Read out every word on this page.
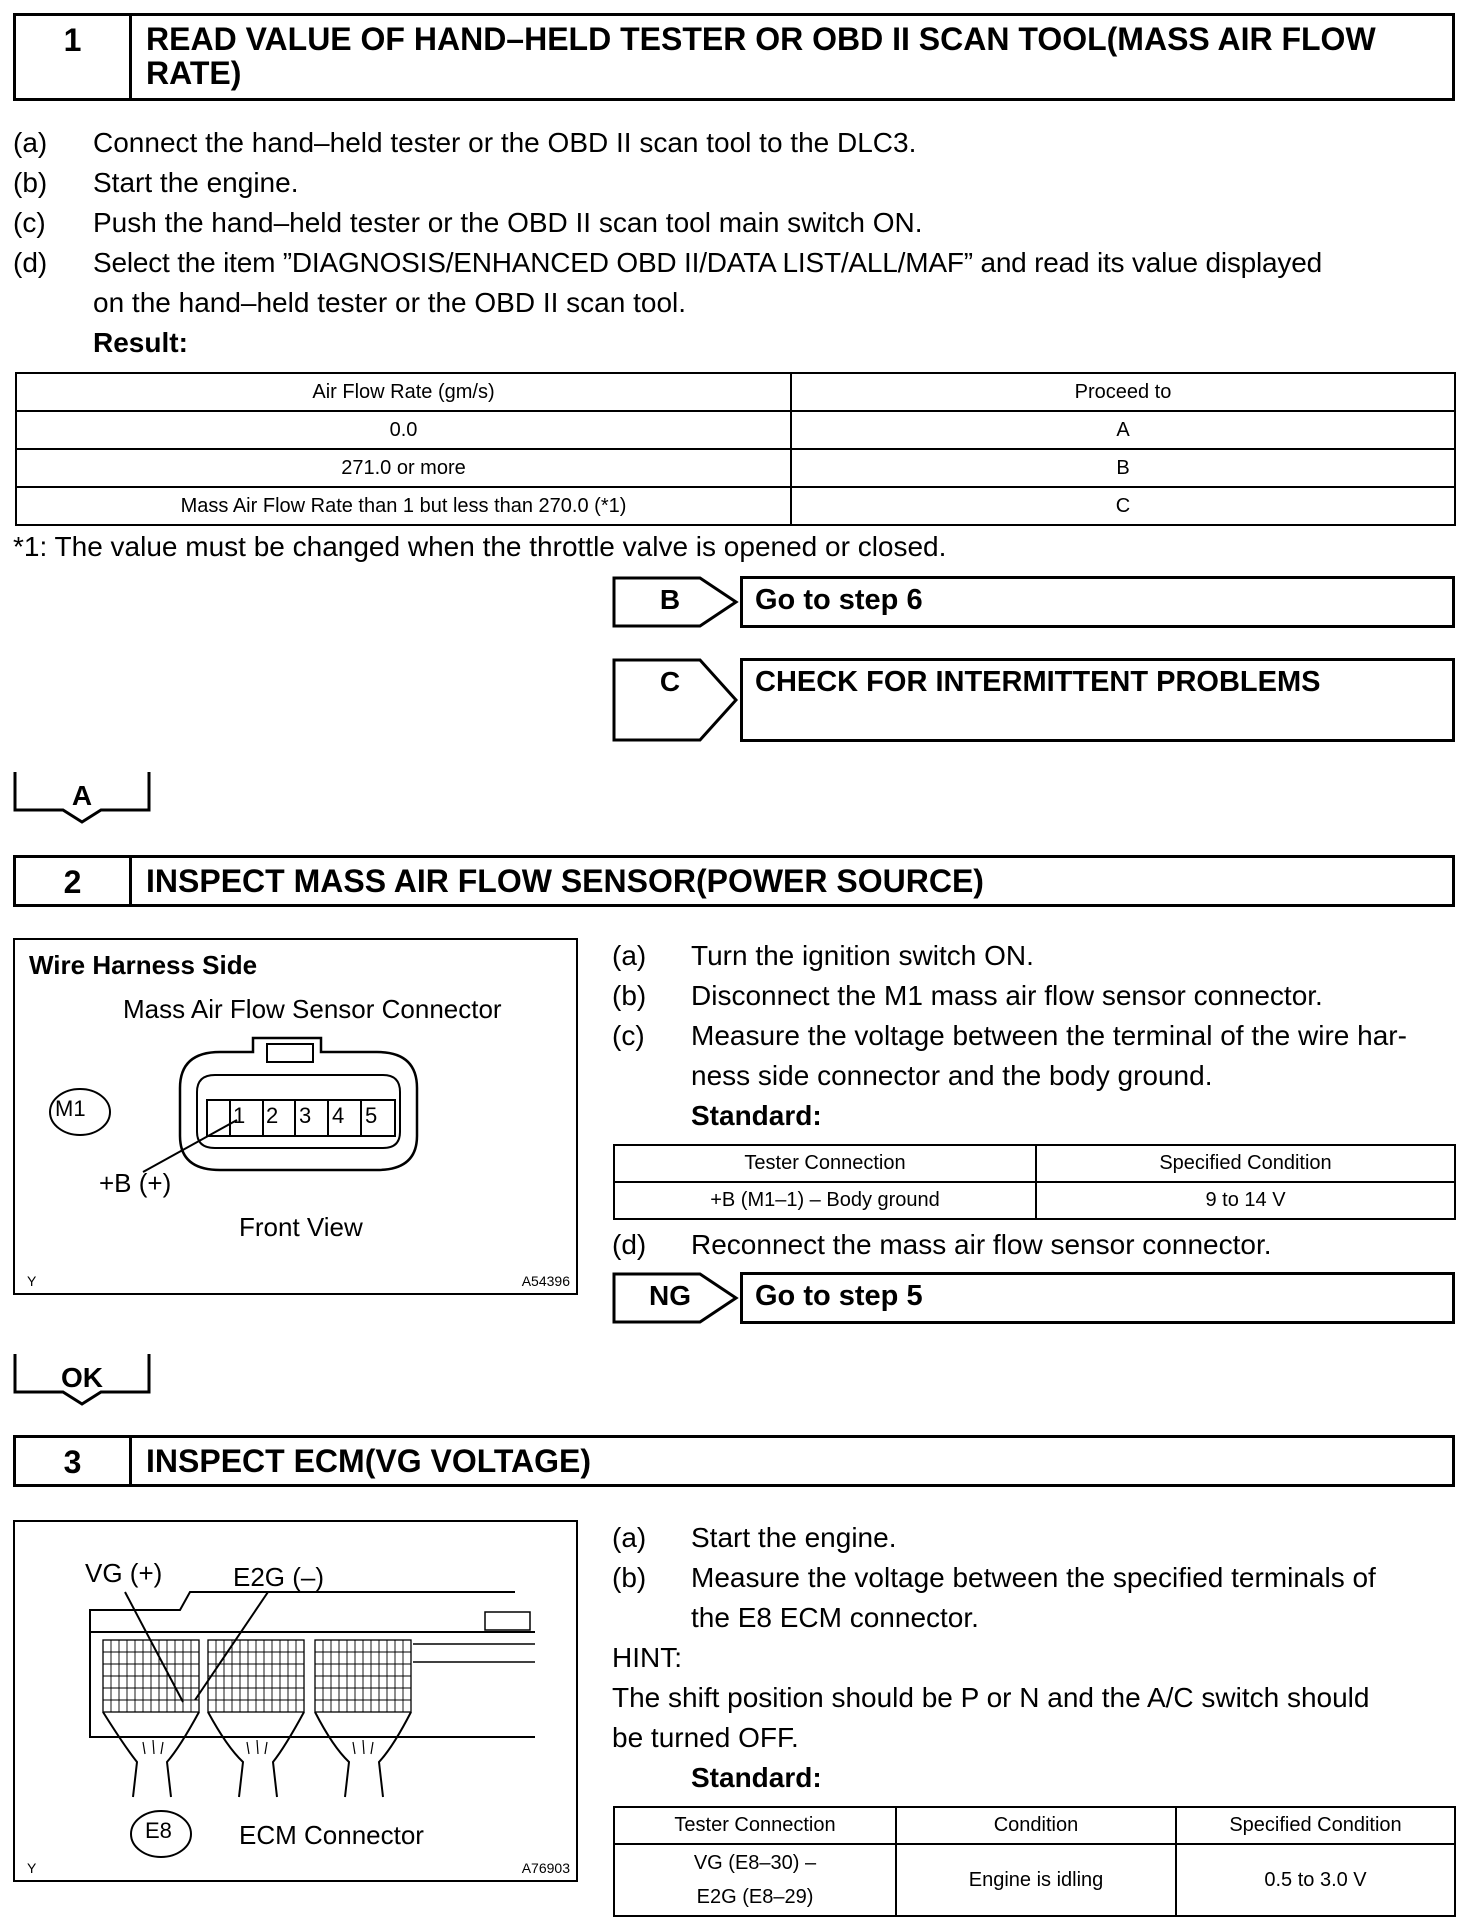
1	READ VALUE OF HAND–HELD TESTER OR OBD II SCAN TOOL(MASS AIR FLOW RATE)
(a) Connect the hand–held tester or the OBD II scan tool to the DLC3.
(b) Start the engine.
(c) Push the hand–held tester or the OBD II scan tool main switch ON.
(d) Select the item ”DIAGNOSIS/ENHANCED OBD II/DATA LIST/ALL/MAF” and read its value displayed
on the hand–held tester or the OBD II scan tool.
Result:
Air Flow Rate (gm/s)	Proceed to
0.0	A
271.0 or more	B
Mass Air Flow Rate than 1 but less than 270.0 (*1)	C
*1: The value must be changed when the throttle valve is opened or closed.
B	Go to step 6
C	CHECK FOR INTERMITTENT PROBLEMS
A
2	INSPECT MASS AIR FLOW SENSOR(POWER SOURCE)
Wire Harness Side
Mass Air Flow Sensor Connector
+B (+)
Front View
Y	A54396
M1	1 2 3 4 5
(a) Turn the ignition switch ON.
(b) Disconnect the M1 mass air flow sensor connector.
(c) Measure the voltage between the terminal of the wire har-
ness side connector and the body ground.
Standard:
Tester Connection	Specified Condition
+B (M1–1) – Body ground	9 to 14 V
(d) Reconnect the mass air flow sensor connector.
NG	Go to step 5
OK
3	INSPECT ECM(VG VOLTAGE)
VG (+)	E2G (–)
E8	ECM Connector
Y	A76903
(a) Start the engine.
(b) Measure the voltage between the specified terminals of
the E8 ECM connector.
HINT:
The shift position should be P or N and the A/C switch should
be turned OFF.
Standard:
Tester Connection	Condition	Specified Condition

VG (E8–30) –
E2G (E8–29)	Engine is idling	0.5 to 3.0 V
